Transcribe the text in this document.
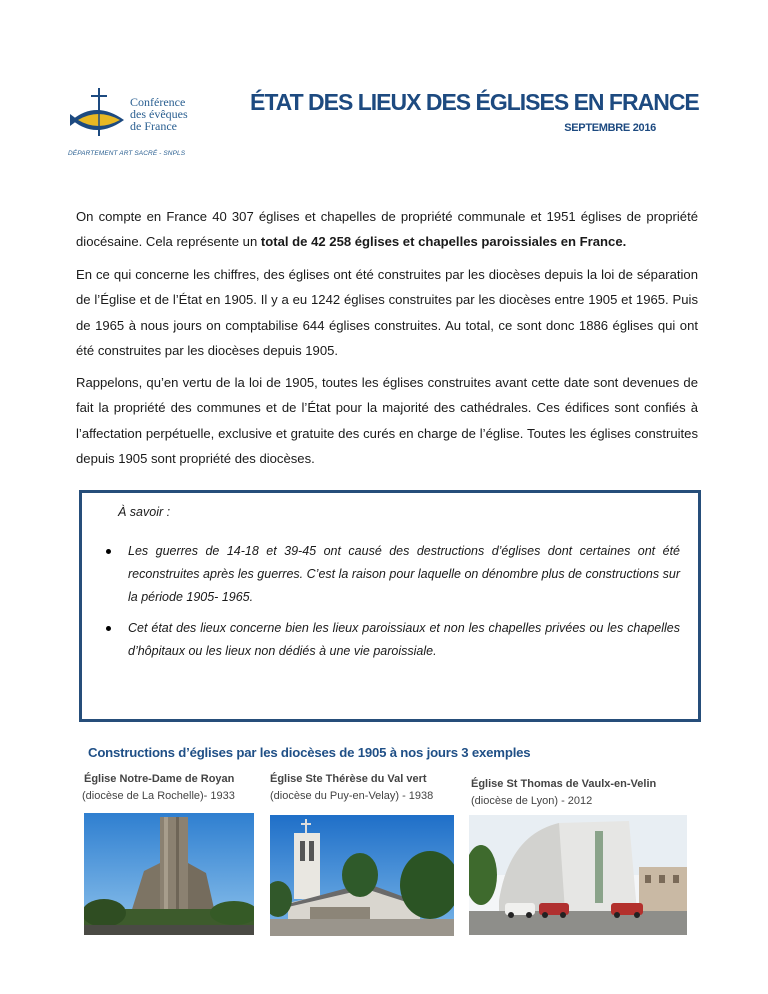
Conférence
des évêques
de France
DÉPARTEMENT ART SACRÉ - SNPLS
ÉTAT DES LIEUX DES ÉGLISES EN FRANCE
SEPTEMBRE 2016
On compte en France 40 307 églises et chapelles de propriété communale et 1951 églises de propriété diocésaine. Cela représente un total de 42 258 églises et chapelles paroissiales en France.
En ce qui concerne les chiffres, des églises ont été construites par les diocèses depuis la loi de séparation de l’Église et de l’État en 1905. Il y a eu 1242 églises construites par les diocèses entre 1905 et 1965. Puis de 1965 à nous jours on comptabilise 644 églises construites. Au total, ce sont donc 1886 églises qui ont été construites par les diocèses depuis 1905.
Rappelons, qu’en vertu de la loi de 1905, toutes les églises construites avant cette date sont devenues de fait la propriété des communes et de l’État pour la majorité des cathédrales. Ces édifices sont confiés à l’affectation perpétuelle, exclusive et gratuite des curés en charge de l’église. Toutes les églises construites depuis 1905 sont propriété des diocèses.
À savoir :
Les guerres de 14-18 et 39-45 ont causé des destructions d’églises dont certaines ont été reconstruites après les guerres. C’est la raison pour laquelle on dénombre plus de constructions sur la période 1905- 1965.
Cet état des lieux concerne bien les lieux paroissiaux et non les chapelles privées ou les chapelles d’hôpitaux ou les lieux non dédiés à une vie paroissiale.
Constructions d’églises par les diocèses de 1905 à nos jours 3 exemples
Église Notre-Dame de Royan
(diocèse de La Rochelle)- 1933
Église Ste Thérèse du Val vert
(diocèse du Puy-en-Velay) - 1938
Église St Thomas de Vaulx-en-Velin
(diocèse de Lyon) - 2012
